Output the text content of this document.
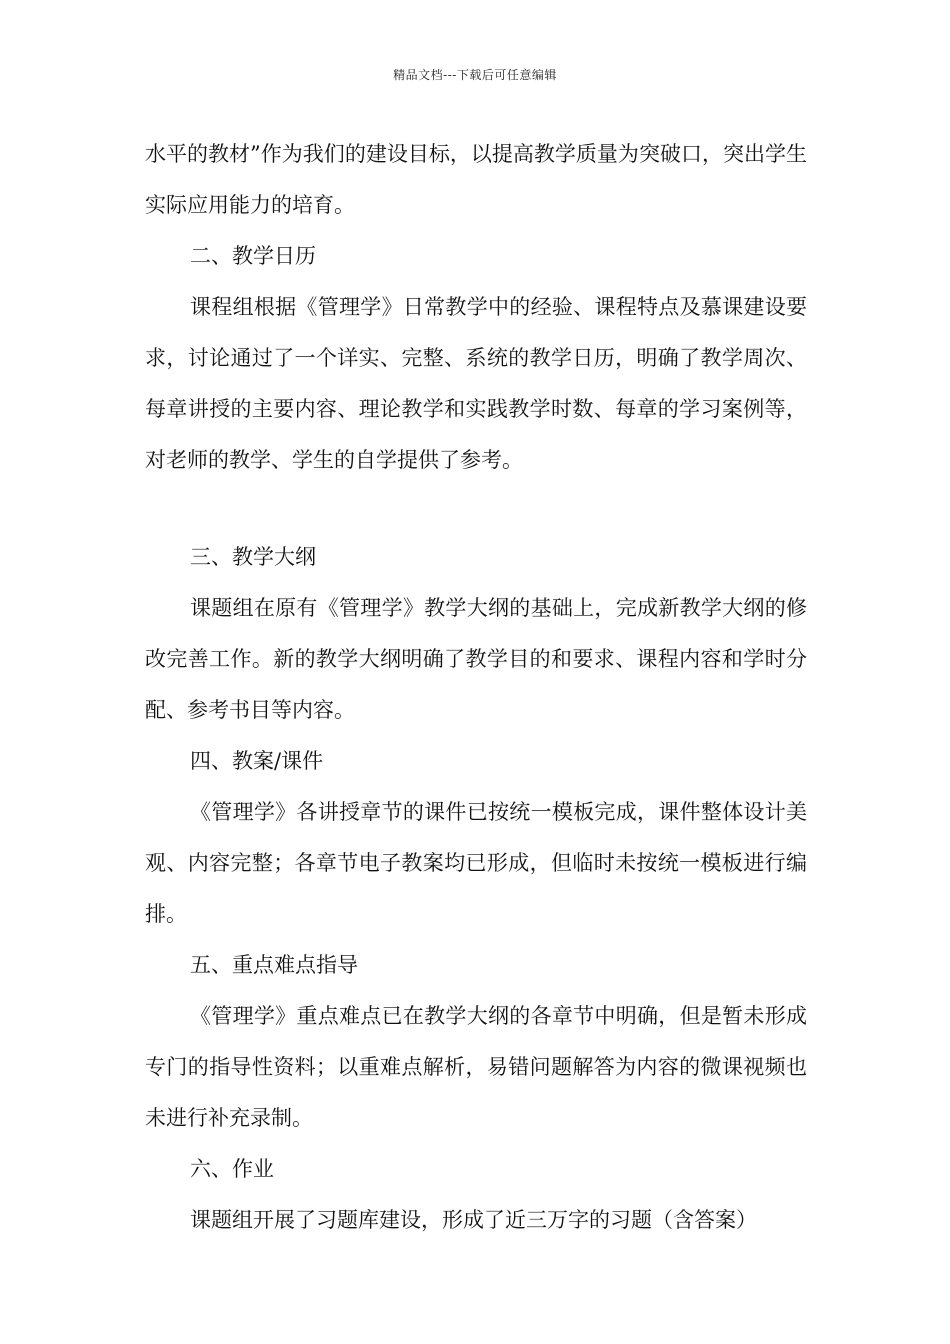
精品文档---下载后可任意编辑

水平的教材”作为我们的建设目标，以提高教学质量为突破口，突出学生实际应用能力的培育。

二、教学日历

课程组根据《管理学》日常教学中的经验、课程特点及慕课建设要求，讨论通过了一个详实、完整、系统的教学日历，明确了教学周次、每章讲授的主要内容、理论教学和实践教学时数、每章的学习案例等，对老师的教学、学生的自学提供了参考。

三、教学大纲

课题组在原有《管理学》教学大纲的基础上，完成新教学大纲的修改完善工作。新的教学大纲明确了教学目的和要求、课程内容和学时分配、参考书目等内容。

四、教案/课件

《管理学》各讲授章节的课件已按统一模板完成，课件整体设计美观、内容完整；各章节电子教案均已形成，但临时未按统一模板进行编排。

五、重点难点指导

《管理学》重点难点已在教学大纲的各章节中明确，但是暂未形成专门的指导性资料；以重难点解析，易错问题解答为内容的微课视频也未进行补充录制。

六、作业

课题组开展了习题库建设，形成了近三万字的习题（含答案）
